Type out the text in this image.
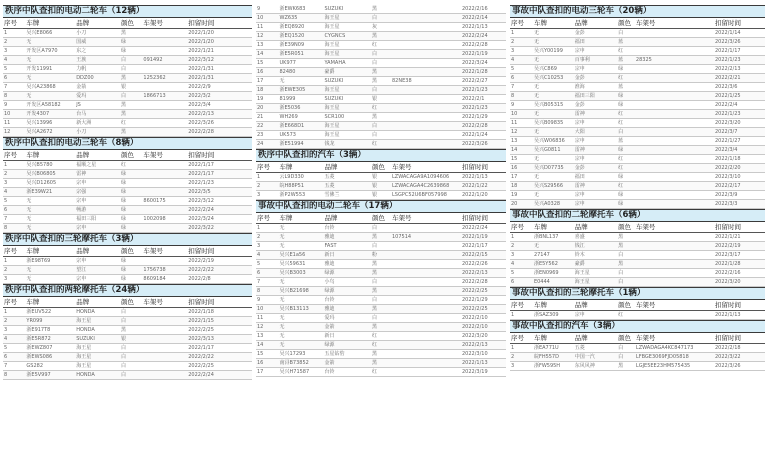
秩序中队查扣的电动二轮车（12辆）
序号	车牌	品牌	颜色	车架号	扣留时间
1	吴兴E8066	小刀	黑		2022/1/20
2	无	国威	绿		2022/1/20
3	开发区A7970	东之	绿		2022/1/21
4	无	王族	白	091492	2022/3/12
5	开发11991	力帆	白		2022/1/31
6	无	DDZ00	黑	1252362	2022/1/31
7	吴兴A23868	金箭	银		2022/2/9
8	无	爱玛	白	1866713	2022/3/2
9	开发区A58182	JS	黑		2022/3/4
10	开发4307	台马	黑		2022/2/13
11	吴兴13996	新大洲	红		2022/3/26
12	吴兴A2672	小刀	黑		2022/2/28
秩序中队查扣的电动三轮车（8辆）
序号	车牌	品牌	颜色	车架号	扣留时间
1	吴兴B5780	福顺之星	红		2022/1/17
2	吴兴B06805	雷神	绿		2022/1/17
3	吴兴D12605	宗申	绿		2022/1/23
4	浙E39W21	宗强	绿		2022/3/5
5	无	宗申	绿	8600175	2022/3/12
6	无	畅游	绿		2022/2/24
7	无	福田三阳	绿	1002098	2022/3/24
8	无	宗申	绿		2022/3/22
秩序中队查扣的三轮摩托车（3辆）
序号	车牌	品牌	颜色	车架号	扣留时间
1	浙E98T69	宗申	绿		2022/2/19
2	无	望江	绿	1756738	2022/2/22
3	无	宗申	绿	8609184	2022/2/8
秩序中队查扣的两轮摩托车（24辆）
序号	车牌	品牌	颜色	车架号	扣留时间
1	浙EUV522	HONDA	白		2022/1/18
2	YR099	海王星	白		2022/1/15
3	浙E917T8	HONDA	黑		2022/2/25
4	浙E5R872	SUZUKI	银		2022/3/13
5	浙EWZ807	海王星	白		2022/1/17
6	浙EWS086	海王星	白		2022/2/22
7	GS282	海王星	白		2022/2/25
8	浙E5V997	HONDA	白		2022/2/24
9	浙EWK683	SUZUKI	黑		2022/2/16
10	WZ635	海王星	白		2022/2/14
11	浙EQ8920	海王星	灰		2022/1/13
12	浙EQ1520	CYGNCS	黑		2022/2/24
13	浙E39N09	海王星	红		2022/2/28
14	浙E5R051	海王星	白		2022/1/19
15	UK977	YAMAHA	白		2022/3/24
16	82480	豪爵	黑		2022/1/28
17	无	SUZUKI	黑	82NE38	2022/2/27
18	浙EWE305	海王星	白		2022/1/23
19	81999	SUZUKI	银		2022/2/1
20	浙E5036	海王星	红		2022/1/23
21	WH269	SCR100	黑		2022/1/29
22	浙E668D1	海王星	白		2022/2/28
23	UK573	海王星	白		2022/1/24
24	浙E51994	钱龙	红		2022/3/26
秩序中队查扣的汽车（3辆）
序号	车牌	品牌	颜色	车架号	扣留时间
1	云L9D330	五菱	银	LZWACAGA9A1094606	2022/1/13
2	皖H88P51	五菱	银	LZWACAGA4C2639868	2022/1/22
3	浙P2W553	雪佛兰	银	LSGPC52U6BF057998	2022/1/20
事故中队查扣的电动二轮车（17辆）
序号	车牌	品牌	颜色	车架号	扣留时间
1	无	台铃	白		2022/2/24
2	无	雅迪	黑	107514	2022/1/19
3	无	FAST	白		2022/1/17
4	吴兴E1a56	新日	粉		2022/2/15
5	吴兴59631	雅迪	黑		2022/2/26
6	吴兴B3003	绿源	黑		2022/2/13
7	无	小鸟	白		2022/2/28
8	吴兴B21698	绿源	黑		2022/2/25
9	无	台铃	白		2022/1/29
10	吴兴B13113	雅迪	黑		2022/2/25
11	无	爱玛	白		2022/2/10
12	无	金箭	黑		2022/2/10
13	无	新日	红		2022/3/20
14	无	绿源	红		2022/2/13
15	吴兴17293	五星钻豹	黑		2022/3/10
16	南浔B73852	金箭	黑		2022/1/13
17	吴兴H71587	台铃	红		2022/3/19
事故中队查扣的电动三轮车（20辆）
序号	车牌	品牌	颜色	车架号	扣留时间
1	无	金彭	白		2022/1/14
2	无	福田	蓝		2022/3/26
3	吴兴Y00199	宗申	红		2022/1/17
4	无	百事利	蓝	28325	2022/1/23
5	吴兴C869	宗申	绿		2022/2/13
6	吴兴C10253	金彭	红		2022/2/21
7	无	淮海	蓝		2022/3/6
8	无	福田三阳	绿		2022/1/25
9	吴兴B05315	金彭	绿		2022/2/4
10	无	雷神	红		2022/1/23
11	吴兴B09835	宗申	红		2022/3/20
12	无	大阳	白		2022/3/7
13	吴兴W06836	宗申	蓝		2022/1/27
14	吴兴G0811	雷神	绿		2022/3/4
15	无	宗申	红		2022/1/18
16	吴兴D07735	金彭	红		2022/2/20
17	无	福田	绿		2022/3/10
18	吴兴S29566	雷神	红		2022/2/17
19	无	宗申	绿		2022/3/9
20	吴兴A0328	宗申	绿		2022/3/3
事故中队查扣的二轮摩托车（6辆）
序号	车牌	品牌	颜色	车架号	扣留时间
1	浙BNL137	喜盛	黑		2022/1/21
2	无	钱江	黑		2022/2/19
3	27147	铃木	白		2022/3/17
4	浙E5Y562	豪爵	黑		2022/1/28
5	浙EN0969	海王星	白		2022/2/16
6	E0444	海王星	白		2022/3/20
事故中队查扣的三轮摩托车（1辆）
序号	车牌	品牌	颜色	车架号	扣留时间
1	浙SAZ309	宗申	红		2022/1/13
事故中队查扣的汽车（3辆）
序号	车牌	品牌	颜色	车架号	扣留时间
1	浙EA771U	五菱	白	LZWADAGA4KC847173	2022/2/18
2	皖FH557D	中国一汽	白	LFBGE3069FJD05818	2022/3/22
3	浙FW595H	东风风神	黑	LGJE5EE23HM575435	2022/3/26
